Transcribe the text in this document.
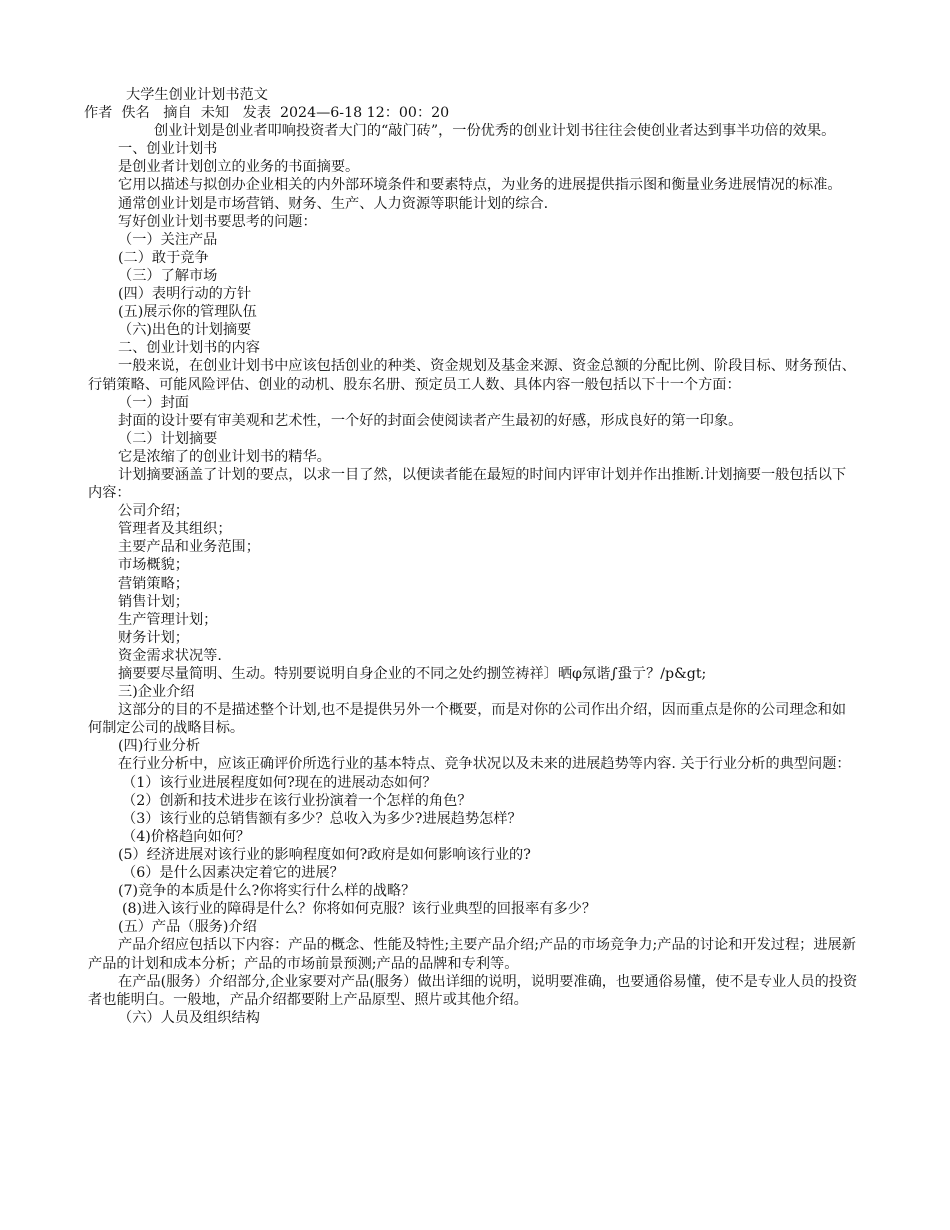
大学生创业计划书范文
作者 佚名 摘自 未知 发表 2024—6-18 12：00：20
创业计划是创业者叩响投资者大门的“敲门砖”，一份优秀的创业计划书往往会使创业者达到事半功倍的效果。
一、创业计划书
是创业者计划创立的业务的书面摘要。
它用以描述与拟创办企业相关的内外部环境条件和要素特点，为业务的进展提供指示图和衡量业务进展情况的标准。
通常创业计划是市场营销、财务、生产、人力资源等职能计划的综合.
写好创业计划书要思考的问题：
（一）关注产品
(二）敢于竞争
（三）了解市场
(四）表明行动的方针
(五)展示你的管理队伍
（六)出色的计划摘要
二、创业计划书的内容
一般来说，在创业计划书中应该包括创业的种类、资金规划及基金来源、资金总额的分配比例、阶段目标、财务预估、行销策略、可能风险评估、创业的动机、股东名册、预定员工人数、具体内容一般包括以下十一个方面：
（一）封面
封面的设计要有审美观和艺术性，一个好的封面会使阅读者产生最初的好感，形成良好的第一印象。
（二）计划摘要
它是浓缩了的创业计划书的精华。
计划摘要涵盖了计划的要点，以求一目了然，以便读者能在最短的时间内评审计划并作出推断.计划摘要一般包括以下内容：
公司介绍；
管理者及其组织；
主要产品和业务范围；
市场概貌；
营销策略；
销售计划；
生产管理计划；
财务计划；
资金需求状况等.
摘要要尽量简明、生动。特别要说明自身企业的不同之处约捌笠祷祥〕晒φ氖谐∫蛩亍？/p&gt;
三)企业介绍
这部分的目的不是描述整个计划,也不是提供另外一个概要，而是对你的公司作出介绍，因而重点是你的公司理念和如何制定公司的战略目标。
(四)行业分析
在行业分析中，应该正确评价所选行业的基本特点、竞争状况以及未来的进展趋势等内容. 关于行业分析的典型问题：
（1）该行业进展程度如何?现在的进展动态如何？
（2）创新和技术进步在该行业扮演着一个怎样的角色？
（3）该行业的总销售额有多少？总收入为多少?进展趋势怎样？
（4)价格趋向如何？
(5）经济进展对该行业的影响程度如何?政府是如何影响该行业的?
（6）是什么因素决定着它的进展？
(7)竞争的本质是什么?你将实行什么样的战略？
(8)进入该行业的障碍是什么？你将如何克服？该行业典型的回报率有多少？
(五）产品（服务)介绍
产品介绍应包括以下内容：产品的概念、性能及特性;主要产品介绍;产品的市场竞争力;产品的讨论和开发过程；进展新产品的计划和成本分析；产品的市场前景预测;产品的品牌和专利等。
在产品(服务）介绍部分,企业家要对产品(服务）做出详细的说明，说明要准确，也要通俗易懂，使不是专业人员的投资者也能明白。一般地，产品介绍都要附上产品原型、照片或其他介绍。
（六）人员及组织结构
